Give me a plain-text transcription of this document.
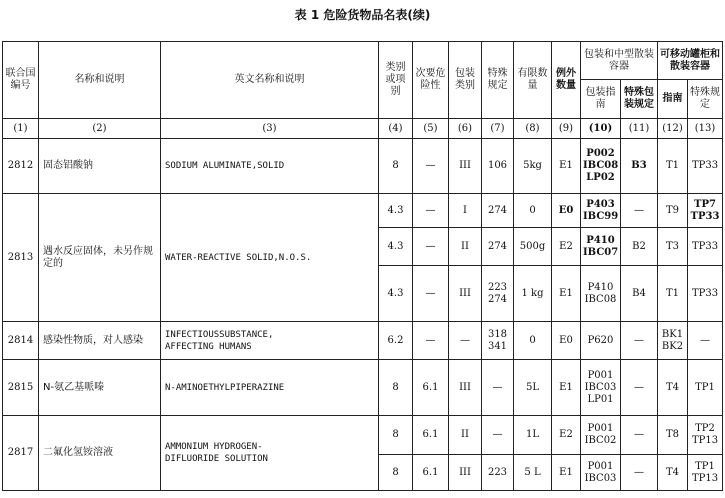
表 1 危险货物品名表(续)
联合国编号	名称和说明	英文名称和说明	类别或项别	次要危险性	包装类别	特殊规定	有限数量	例外数量	包装和中型散装容器		可移动罐柜和散装容器	
									包装指南	特殊包装规定	指南	特殊规定
(1)	(2)	(3)	(4)	(5)	(6)	(7)	(8)	(9)	(10)	(11)	(12)	(13)
2812	固态铝酸钠	SODIUM ALUMINATE,SOLID	8	—	III	106	5kg	E1	P002
IBC08
LP02	B3	T1	TP33
2813	遇水反应固体，未另作规定的	WATER-REACTIVE SOLID,N.O.S.	4.3	—	I	274	0	E0	P403
IBC99	—	T9	TP7
TP33
			4.3	—	II	274	500g	E2	P410
IBC07	B2	T3	TP33
			4.3	—	III	223
274	1 kg	E1	P410
IBC08	B4	T1	TP33
2814	感染性物质，对人感染	INFECTIOUSSUBSTANCE,
AFFECTING HUMANS	6.2	—	—	318
341	0	E0	P620	—	BK1
BK2	—
2815	N-氨乙基哌嗪	N-AMINOETHYLPIPERAZINE	8	6.1	III	—	5L	E1	P001
IBC03
LP01	—	T4	TP1
2817	二氟化氢铵溶液	AMMONIUM HYDROGEN-
DIFLUORIDE SOLUTION	8	6.1	II	—	1L	E2	P001
IBC02	—	T8	TP2
TP13
			8	6.1	III	223	5 L	E1	P001
IBC03	—	T4	TP1
TP13
